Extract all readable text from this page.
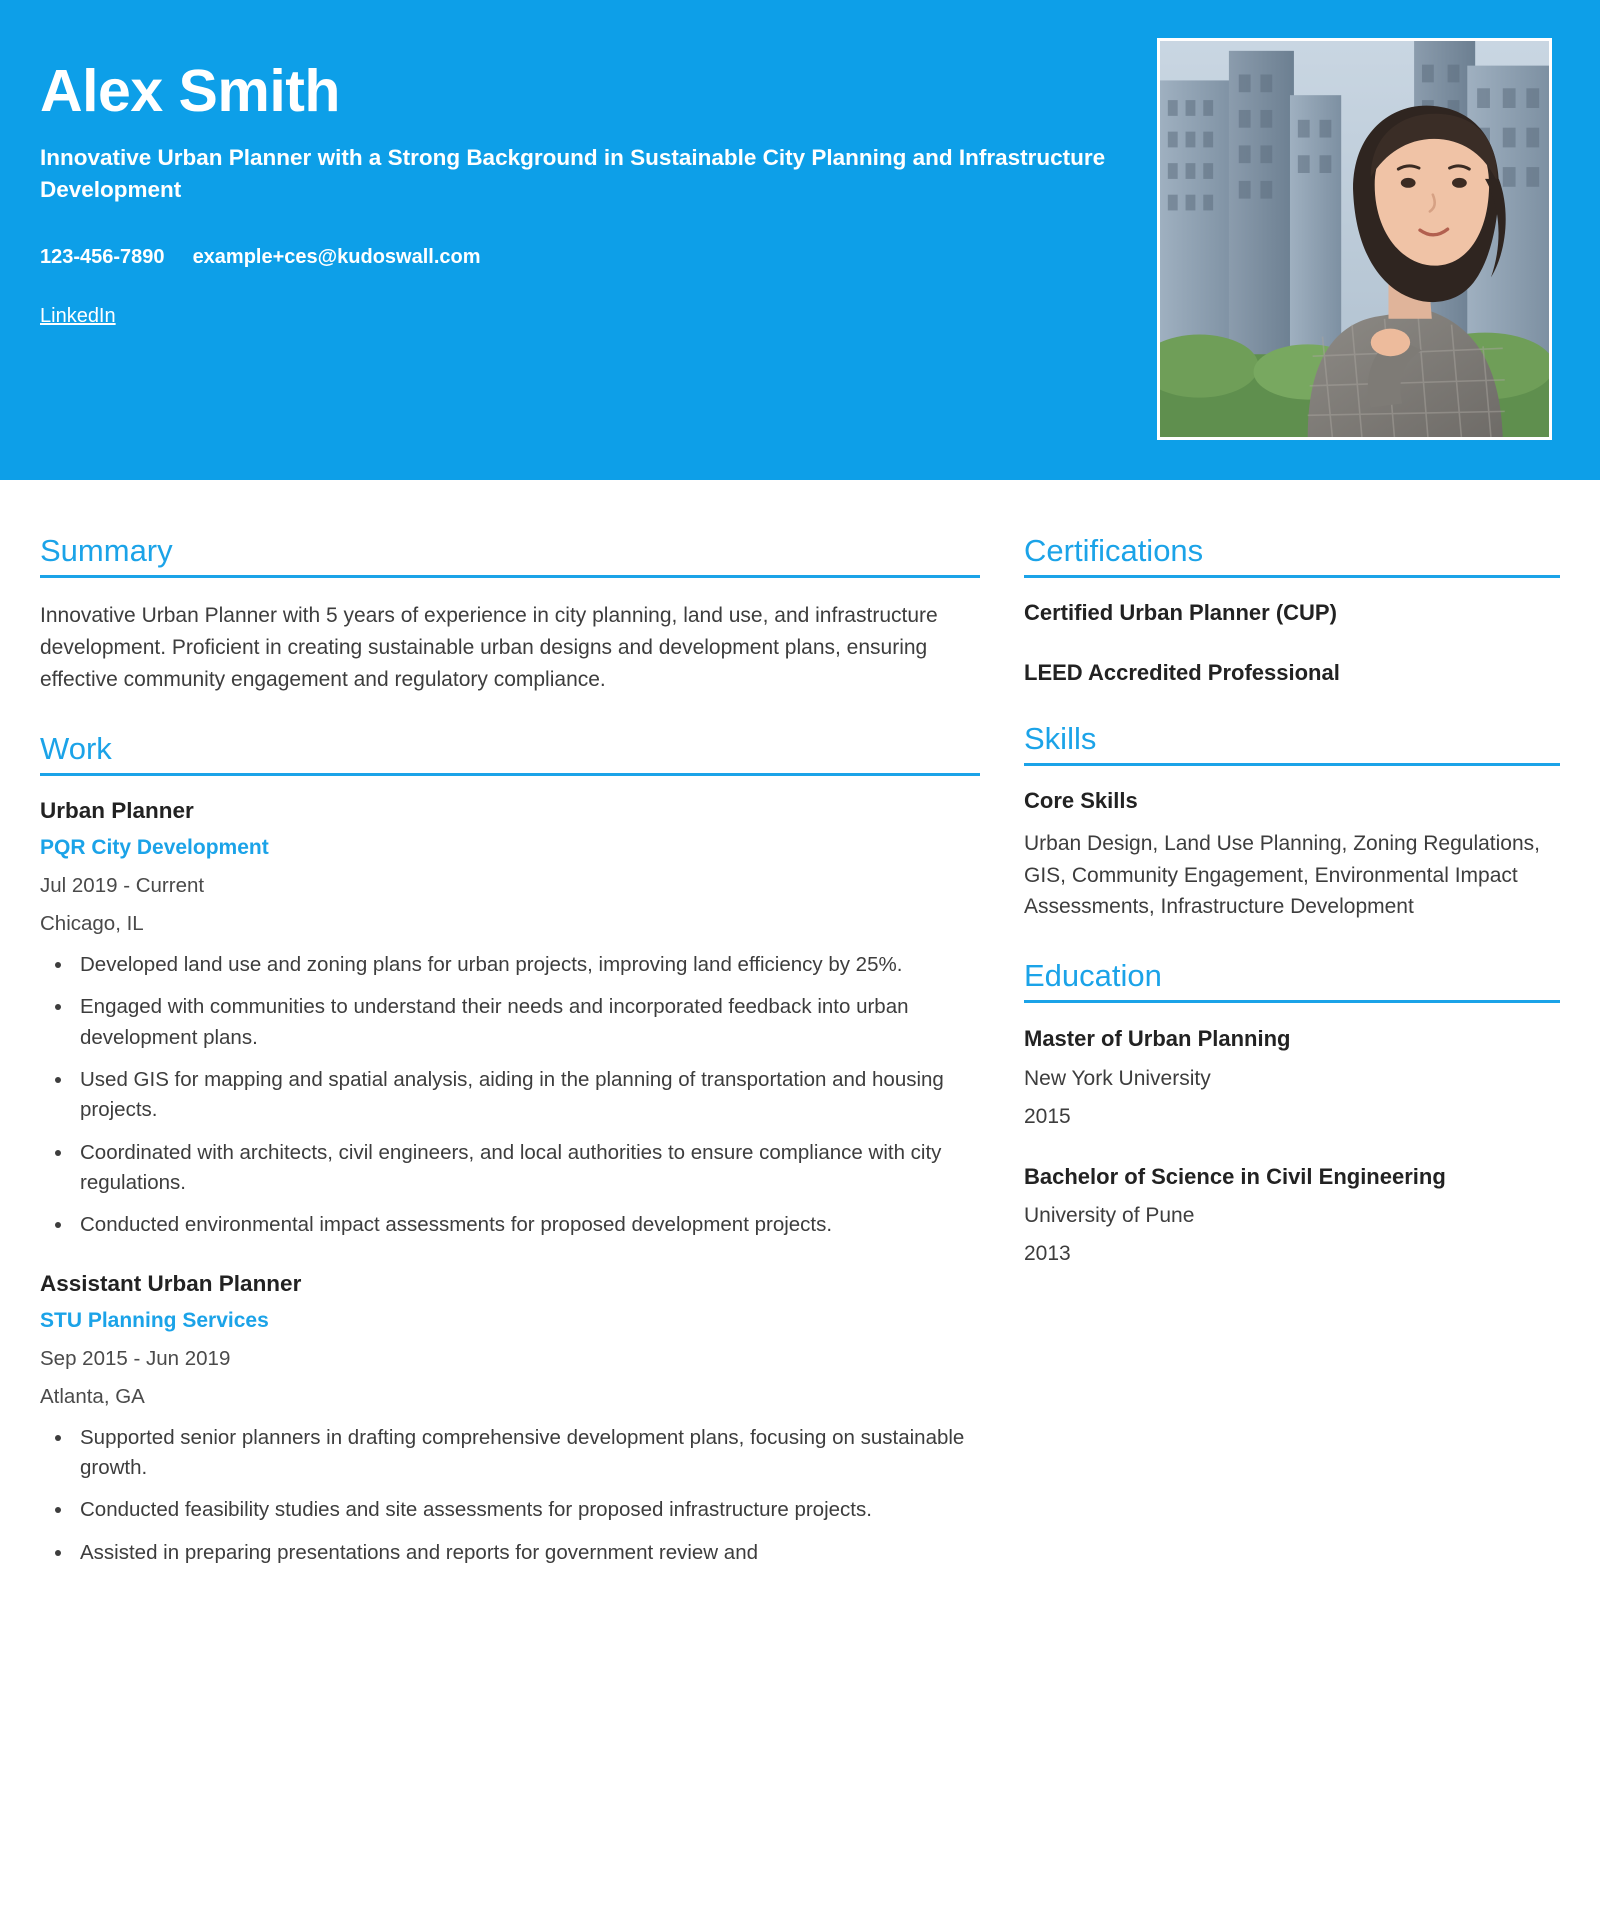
Alex Smith
Innovative Urban Planner with a Strong Background in Sustainable City Planning and Infrastructure Development
123-456-7890 example+ces@kudoswall.com
LinkedIn
Summary

Innovative Urban Planner with 5 years of experience in city planning, land use, and infrastructure development. Proficient in creating sustainable urban designs and development plans, ensuring effective community engagement and regulatory compliance.

Work
Urban Planner
PQR City Development
Jul 2019 - Current
Chicago, IL
• Developed land use and zoning plans for urban projects, improving land efficiency by 25%.
• Engaged with communities to understand their needs and incorporated feedback into urban development plans.
• Used GIS for mapping and spatial analysis, aiding in the planning of transportation and housing projects.
• Coordinated with architects, civil engineers, and local authorities to ensure compliance with city regulations.
• Conducted environmental impact assessments for proposed development projects.
Assistant Urban Planner
STU Planning Services
Sep 2015 - Jun 2019
Atlanta, GA
• Supported senior planners in drafting comprehensive development plans, focusing on sustainable growth.
• Conducted feasibility studies and site assessments for proposed infrastructure projects.
• Assisted in preparing presentations and reports for government review and
Certifications
Certified Urban Planner (CUP)
LEED Accredited Professional
Skills
Core Skills

Urban Design, Land Use Planning, Zoning Regulations, GIS, Community Engagement, Environmental Impact Assessments, Infrastructure Development

Education
Master of Urban Planning
New York University
2015
Bachelor of Science in Civil Engineering
University of Pune
2013
